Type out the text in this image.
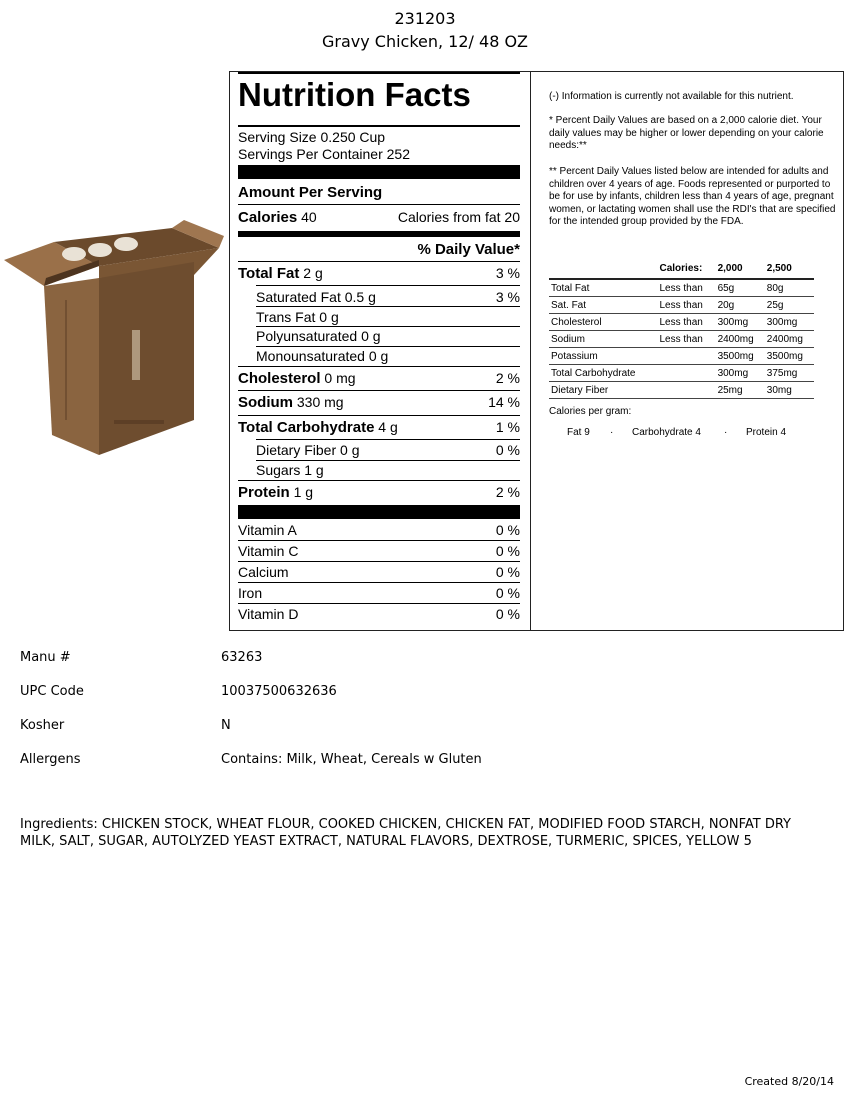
231203
Gravy Chicken, 12/ 48 OZ
Nutrition Facts
Serving Size 0.250 Cup
Servings Per Container 252
Amount Per Serving
Calories 40	Calories from fat 20
% Daily Value*
Total Fat 2 g	3 %
Saturated Fat 0.5 g	3 %
Trans Fat 0 g
Polyunsaturated 0 g
Monounsaturated 0 g
Cholesterol 0 mg	2 %
Sodium 330 mg	14 %
Total Carbohydrate 4 g	1 %
Dietary Fiber 0 g	0 %
Sugars 1 g
Protein 1 g	2 %
Vitamin A	0 %
Vitamin C	0 %
Calcium	0 %
Iron	0 %
Vitamin D	0 %

(-) Information is currently not available for this nutrient.

* Percent Daily Values are based on a 2,000 calorie diet. Your daily values may be higher or lower depending on your calorie needs:**

** Percent Daily Values listed below are intended for adults and children over 4 years of age. Foods represented or purported to be for use by infants, children less than 4 years of age, pregnant women, or lactating women shall use the RDI's that are specified for the intended group provided by the FDA.

	Calories:	2,000	2,500
Total Fat	Less than	65g	80g
Sat. Fat	Less than	20g	25g
Cholesterol	Less than	300mg	300mg
Sodium	Less than	2400mg	2400mg
Potassium		3500mg	3500mg
Total Carbohydrate		300mg	375mg
Dietary Fiber		25mg	30mg
Calories per gram:
Fat 9 · Carbohydrate 4 · Protein 4
Manu #	63263
UPC Code	10037500632636
Kosher	N
Allergens	Contains: Milk, Wheat, Cereals w Gluten
Ingredients: CHICKEN STOCK, WHEAT FLOUR, COOKED CHICKEN, CHICKEN FAT, MODIFIED FOOD STARCH, NONFAT DRY MILK, SALT, SUGAR, AUTOLYZED YEAST EXTRACT, NATURAL FLAVORS, DEXTROSE, TURMERIC, SPICES, YELLOW 5
Created 8/20/14
